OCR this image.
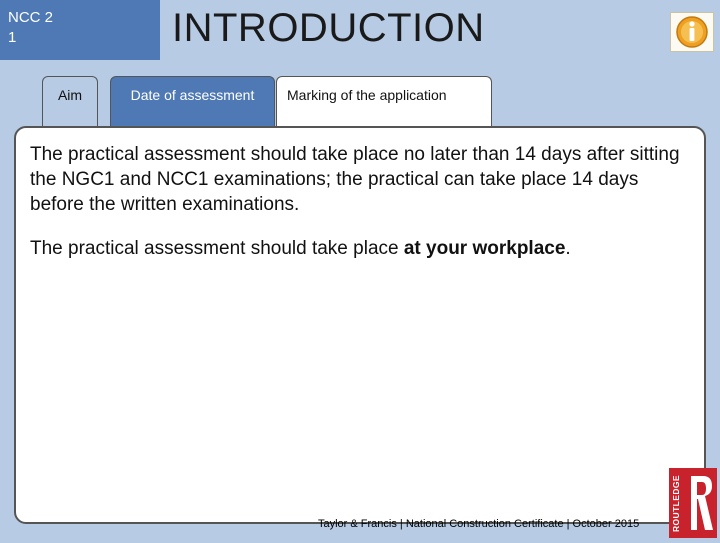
NCC 2
1	INTRODUCTION
Aim	Date of assessment	Marking of the application
The practical assessment should take place no later than 14 days after sitting the NGC1 and NCC1 examinations; the practical can take place 14 days before the written examinations.
The practical assessment should take place at your workplace.
Taylor & Francis | National Construction Certificate | October 2015	ROUTLEDGE
